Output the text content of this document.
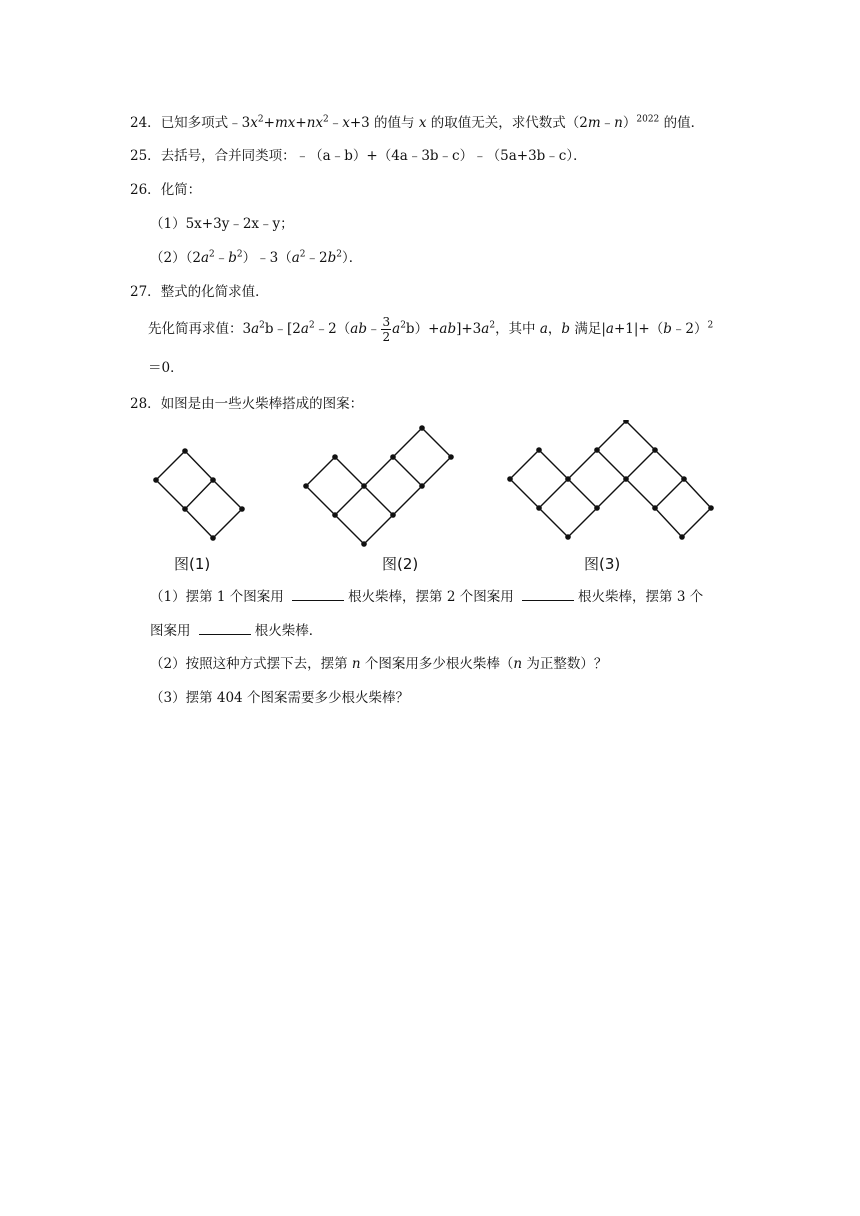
24．已知多项式$﹣3x^2+mx+nx^2﹣x+3$ 的值与 x 的取值无关，求代数式（2m﹣n）$^{2022}$ 的值．
25．去括号，合并同类项：﹣（a﹣b）+（4a﹣3b﹣c）﹣（5a+3b﹣c）．
26．化简：
（1）5x+3y﹣2x﹣y；
$(2)(2a^2﹣b^2)﹣3(a^2﹣2b^2)$．
27．整式的化简求值．
先化简再求值：$3a^2b﹣[2a^2﹣2(ab﹣ \frac{3}{2} a^2b)+ab]+3a^2$，其中 a，b 满足|a+1|+（b﹣2）$^2$
＝0．
28．如图是由一些火柴棒搭成的图案：
图(1)	图(2)	图(3)
（1）摆第 1 个图案用	根火柴棒，摆第 2 个图案用	根火柴棒，摆第 3 个
图案用	根火柴棒．
（2）按照这种方式摆下去，摆第 n 个图案用多少根火柴棒（n 为正整数）？
（3）摆第 404 个图案需要多少根火柴棒？
